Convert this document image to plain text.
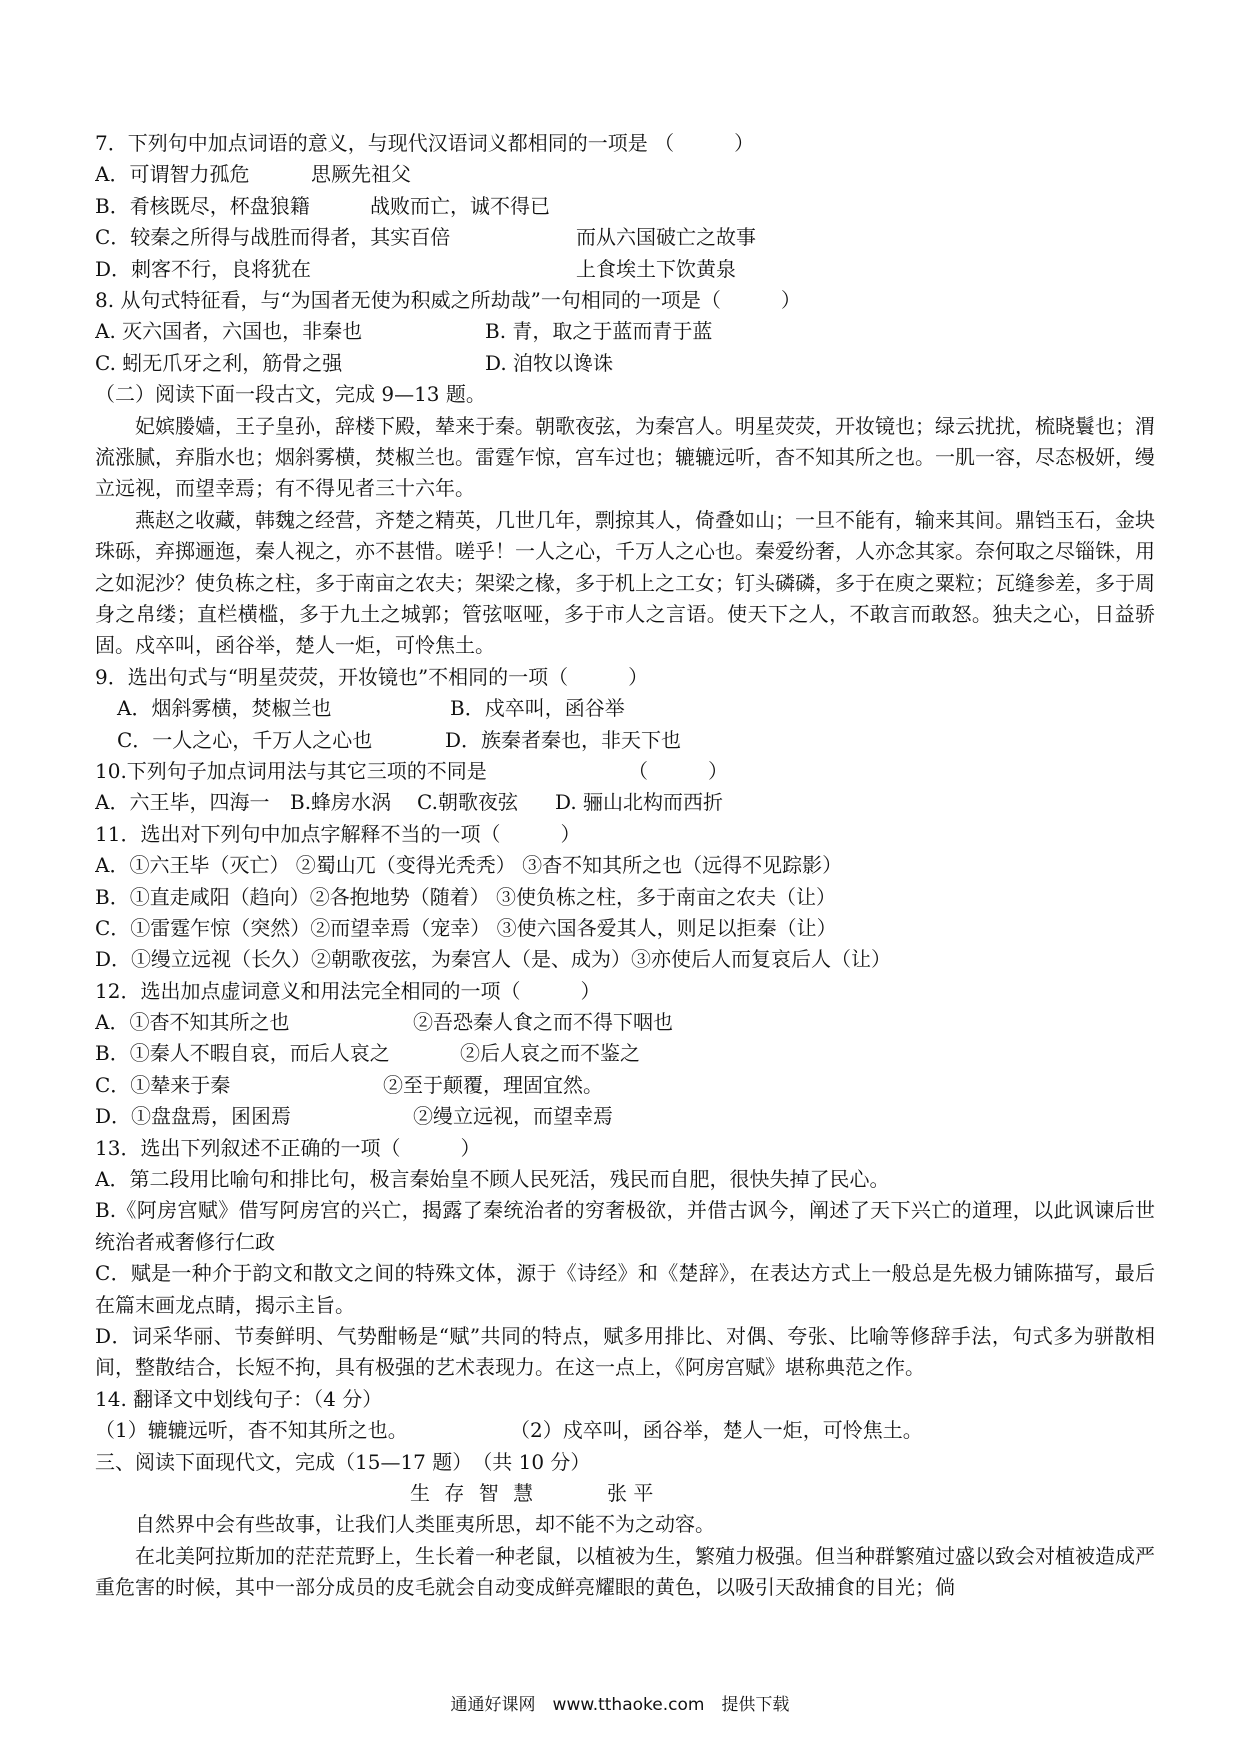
7．下列句中加点词语的意义，与现代汉语词义都相同的一项是 （　　　）
A．可谓智力孤危	思厥先祖父
B．肴核既尽，杯盘狼籍	战败而亡，诚不得已
C．较秦之所得与战胜而得者，其实百倍	而从六国破亡之故事
D．刺客不行，良将犹在	上食埃土下饮黄泉
8. 从句式特征看，与“为国者无使为积威之所劫哉”一句相同的一项是（　　　）
A. 灭六国者，六国也，非秦也	B. 青，取之于蓝而青于蓝
C. 蚓无爪牙之利，筋骨之强	D. 洎牧以谗诛
（二）阅读下面一段古文，完成 9—13 题。
妃嫔媵嫱，王子皇孙，辞楼下殿，辇来于秦。朝歌夜弦，为秦宫人。明星荧荧，开妆镜也；绿云扰扰，梳晓鬟也；渭流涨腻，弃脂水也；烟斜雾横，焚椒兰也。雷霆乍惊，宫车过也；辘辘远听，杳不知其所之也。一肌一容，尽态极妍，缦立远视，而望幸焉；有不得见者三十六年。
燕赵之收藏，韩魏之经营，齐楚之精英，几世几年，剽掠其人，倚叠如山；一旦不能有，输来其间。鼎铛玉石，金块珠砾，弃掷逦迤，秦人视之，亦不甚惜。嗟乎！一人之心，千万人之心也。秦爱纷奢，人亦念其家。奈何取之尽锱铢，用之如泥沙？使负栋之柱，多于南亩之农夫；架梁之椽，多于机上之工女；钉头磷磷，多于在庾之粟粒；瓦缝参差，多于周身之帛缕；直栏横槛，多于九土之城郭；管弦呕哑，多于市人之言语。使天下之人，不敢言而敢怒。独夫之心，日益骄固。戍卒叫，函谷举，楚人一炬，可怜焦土。
9．选出句式与“明星荧荧，开妆镜也”不相同的一项（　　　）
A．烟斜雾横，焚椒兰也	B．戍卒叫，函谷举
C．一人之心，千万人之心也	D．族秦者秦也，非天下也
10.下列句子加点词用法与其它三项的不同是	（　　　）
A．六王毕，四海一 B.蜂房水涡 C.朝歌夜弦 D. 骊山北构而西折
11．选出对下列句中加点字解释不当的一项（　　　）
A．①六王毕（灭亡） ②蜀山兀（变得光秃秃） ③杳不知其所之也（远得不见踪影）
B．①直走咸阳（趋向）②各抱地势（随着） ③使负栋之柱，多于南亩之农夫（让）
C．①雷霆乍惊（突然）②而望幸焉（宠幸） ③使六国各爱其人，则足以拒秦（让）
D．①缦立远视（长久）②朝歌夜弦，为秦宫人（是、成为）③亦使后人而复哀后人（让）
12．选出加点虚词意义和用法完全相同的一项（　　　）
A．①杳不知其所之也	②吾恐秦人食之而不得下咽也
B．①秦人不暇自哀，而后人哀之	②后人哀之而不鉴之
C．①辇来于秦	②至于颠覆，理固宜然。
D．①盘盘焉，囷囷焉	②缦立远视，而望幸焉
13．选出下列叙述不正确的一项（　　　）
A．第二段用比喻句和排比句，极言秦始皇不顾人民死活，残民而自肥，很快失掉了民心。
B.《阿房宫赋》借写阿房宫的兴亡，揭露了秦统治者的穷奢极欲，并借古讽今，阐述了天下兴亡的道理，以此讽谏后世统治者戒奢修行仁政
C．赋是一种介于韵文和散文之间的特殊文体，源于《诗经》和《楚辞》，在表达方式上一般总是先极力铺陈描写，最后在篇末画龙点睛，揭示主旨。
D．词采华丽、节奏鲜明、气势酣畅是“赋”共同的特点，赋多用排比、对偶、夸张、比喻等修辞手法，句式多为骈散相间，整散结合，长短不拘，具有极强的艺术表现力。在这一点上，《阿房宫赋》堪称典范之作。
14. 翻译文中划线句子：（4 分）
（1）辘辘远听，杳不知其所之也。	（2）戍卒叫，函谷举，楚人一炬，可怜焦土。
三、阅读下面现代文，完成（15—17 题）　（共 10 分）
生 存 智 慧	张 平
自然界中会有些故事，让我们人类匪夷所思，却不能不为之动容。
在北美阿拉斯加的茫茫荒野上，生长着一种老鼠，以植被为生，繁殖力极强。但当种群繁殖过盛以致会对植被造成严重危害的时候，其中一部分成员的皮毛就会自动变成鲜亮耀眼的黄色，以吸引天敌捕食的目光；倘
通通好课网　www.tthaoke.com　提供下载
